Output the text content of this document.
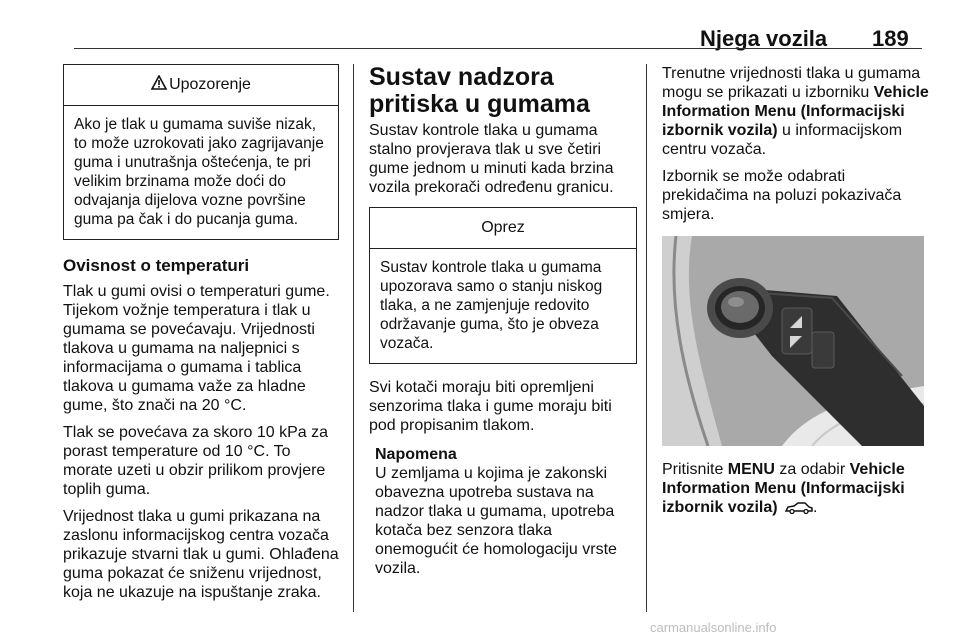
Njega vozila 189
Upozorenje
Ako je tlak u gumama suviše nizak, to može uzrokovati jako zagrijavanje guma i unutrašnja oštećenja, te pri velikim brzinama može doći do odvajanja dijelova vozne površine guma pa čak i do pucanja guma.
Ovisnost o temperaturi

Tlak u gumi ovisi o temperaturi gume. Tijekom vožnje temperatura i tlak u gumama se povećavaju. Vrijednosti tlakova u gumama na naljepnici s informacijama o gumama i tablica tlakova u gumama važe za hladne gume, što znači na 20 °C.

Tlak se povećava za skoro 10 kPa za porast temperature od 10 °C. To morate uzeti u obzir prilikom provjere toplih guma.

Vrijednost tlaka u gumi prikazana na zaslonu informacijskog centra vozača prikazuje stvarni tlak u gumi. Ohlađena guma pokazat će sniženu vrijednost, koja ne ukazuje na ispuštanje zraka.

Sustav nadzora pritiska u gumama

Sustav kontrole tlaka u gumama stalno provjerava tlak u sve četiri gume jednom u minuti kada brzina vozila prekorači određenu granicu.

Oprez
Sustav kontrole tlaka u gumama upozorava samo o stanju niskog tlaka, a ne zamjenjuje redovito održavanje guma, što je obveza vozača.

Svi kotači moraju biti opremljeni senzorima tlaka i gume moraju biti pod propisanim tlakom.

Napomena

U zemljama u kojima je zakonski obavezna upotreba sustava na nadzor tlaka u gumama, upotreba kotača bez senzora tlaka onemogućit će homologaciju vrste vozila.

Trenutne vrijednosti tlaka u gumama mogu se prikazati u izborniku Vehicle Information Menu (Informacijski izbornik vozila) u informacijskom centru vozača.

Izbornik se može odabrati prekidačima na poluzi pokazivača smjera.

Pritisnite MENU za odabir Vehicle Information Menu (Informacijski izbornik vozila) .

carmanualsonline.info
